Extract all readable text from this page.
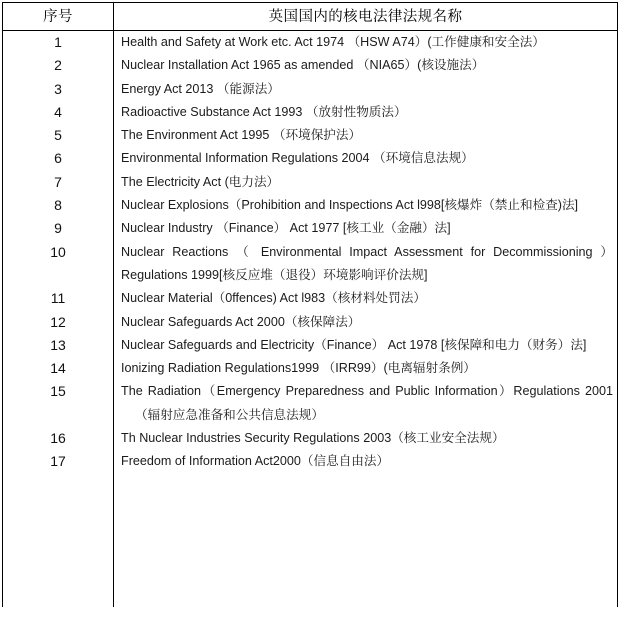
序号	英国国内的核电法律法规名称

1	Health and Safety at Work etc. Act 1974 （HSW A74）(工作健康和安全法）

2	Nuclear Installation Act 1965 as amended （NIA65）(核设施法）

3	Energy Act 2013 （能源法）

4	Radioactive Substance Act 1993 （放射性物质法）

5	The Environment Act 1995 （环境保护法）

6	Environmental Information Regulations 2004 （环境信息法规）

7	The Electricity Act (电力法）

8	Nuclear Explosions（Prohibition and Inspections Act l998[核爆炸（禁止和检查)法]

9	Nuclear Industry （Finance） Act 1977 [核工业（金融）法]

10	Nuclear Reactions （ Environmental Impact Assessment for Decommissioning ）
Regulations 1999[核反应堆（退役）环境影响评价法规]

11	Nuclear Material（0ffences) Act l983（核材料处罚法）

12	Nuclear Safeguards Act 2000（核保障法）

13	Nuclear Safeguards and Electricity（Finance） Act 1978 [核保障和电力（财务）法]

14	Ionizing Radiation Regulations1999 （IRR99）(电离辐射条例）

15	The Radiation（Emergency Preparedness and Public Information）Regulations 2001
（辐射应急准备和公共信息法规）

16	Th Nuclear Industries Security Regulations 2003（核工业安全法规）

17	Freedom of Information Act2000（信息自由法）
